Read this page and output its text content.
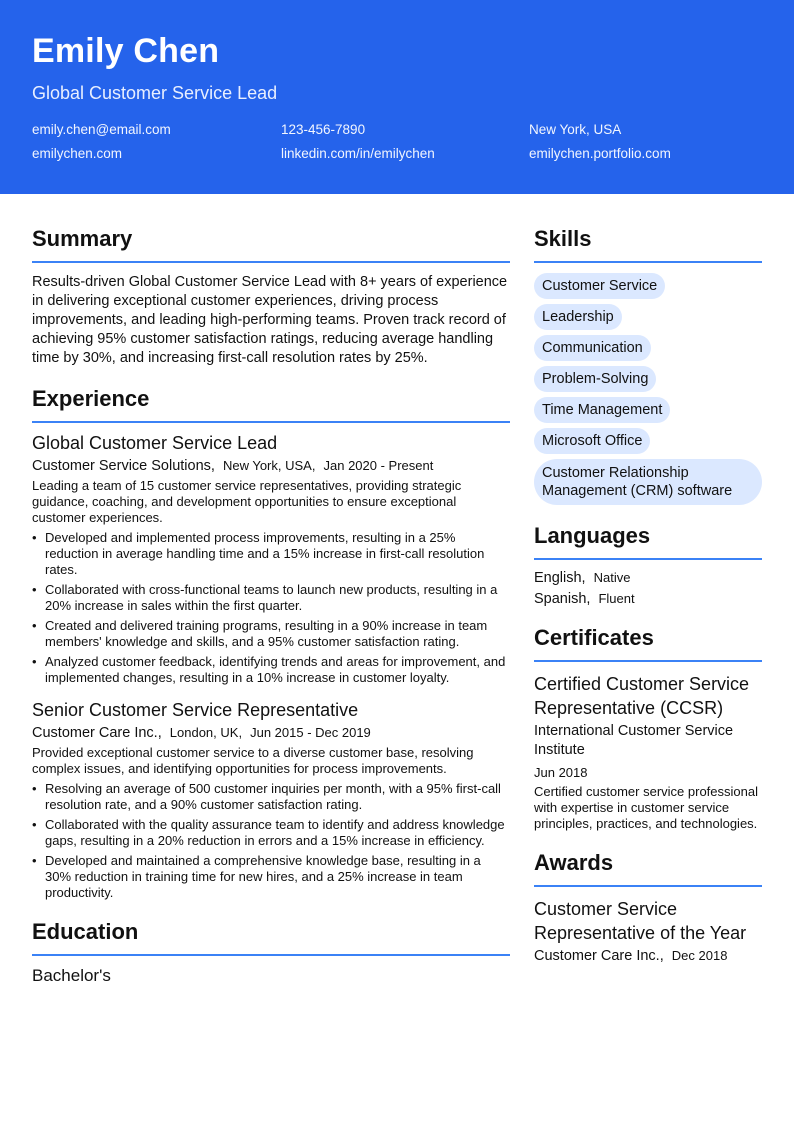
Emily Chen
Global Customer Service Lead
emily.chen@email.com	123-456-7890	New York, USA
emilychen.com	linkedin.com/in/emilychen	emilychen.portfolio.com
Summary
Results-driven Global Customer Service Lead with 8+ years of experience in delivering exceptional customer experiences, driving process improvements, and leading high-performing teams. Proven track record of achieving 95% customer satisfaction ratings, reducing average handling time by 30%, and increasing first-call resolution rates by 25%.
Experience
Global Customer Service Lead
Customer Service Solutions, New York, USA, Jan 2020 - Present
Leading a team of 15 customer service representatives, providing strategic guidance, coaching, and development opportunities to ensure exceptional customer experiences.
• Developed and implemented process improvements, resulting in a 25% reduction in average handling time and a 15% increase in first-call resolution rates.
• Collaborated with cross-functional teams to launch new products, resulting in a 20% increase in sales within the first quarter.
• Created and delivered training programs, resulting in a 90% increase in team members' knowledge and skills, and a 95% customer satisfaction rating.
• Analyzed customer feedback, identifying trends and areas for improvement, and implemented changes, resulting in a 10% increase in customer loyalty.
Senior Customer Service Representative
Customer Care Inc., London, UK, Jun 2015 - Dec 2019
Provided exceptional customer service to a diverse customer base, resolving complex issues, and identifying opportunities for process improvements.
• Resolving an average of 500 customer inquiries per month, with a 95% first-call resolution rate, and a 90% customer satisfaction rating.
• Collaborated with the quality assurance team to identify and address knowledge gaps, resulting in a 20% reduction in errors and a 15% increase in efficiency.
• Developed and maintained a comprehensive knowledge base, resulting in a 30% reduction in training time for new hires, and a 25% increase in team productivity.
Education
Bachelor's
Skills
Customer Service
Leadership
Communication
Problem-Solving
Time Management
Microsoft Office
Customer Relationship Management (CRM) software
Languages
English, Native
Spanish, Fluent
Certificates
Certified Customer Service Representative (CCSR)
International Customer Service Institute
Jun 2018
Certified customer service professional with expertise in customer service principles, practices, and technologies.
Awards
Customer Service Representative of the Year
Customer Care Inc., Dec 2018
